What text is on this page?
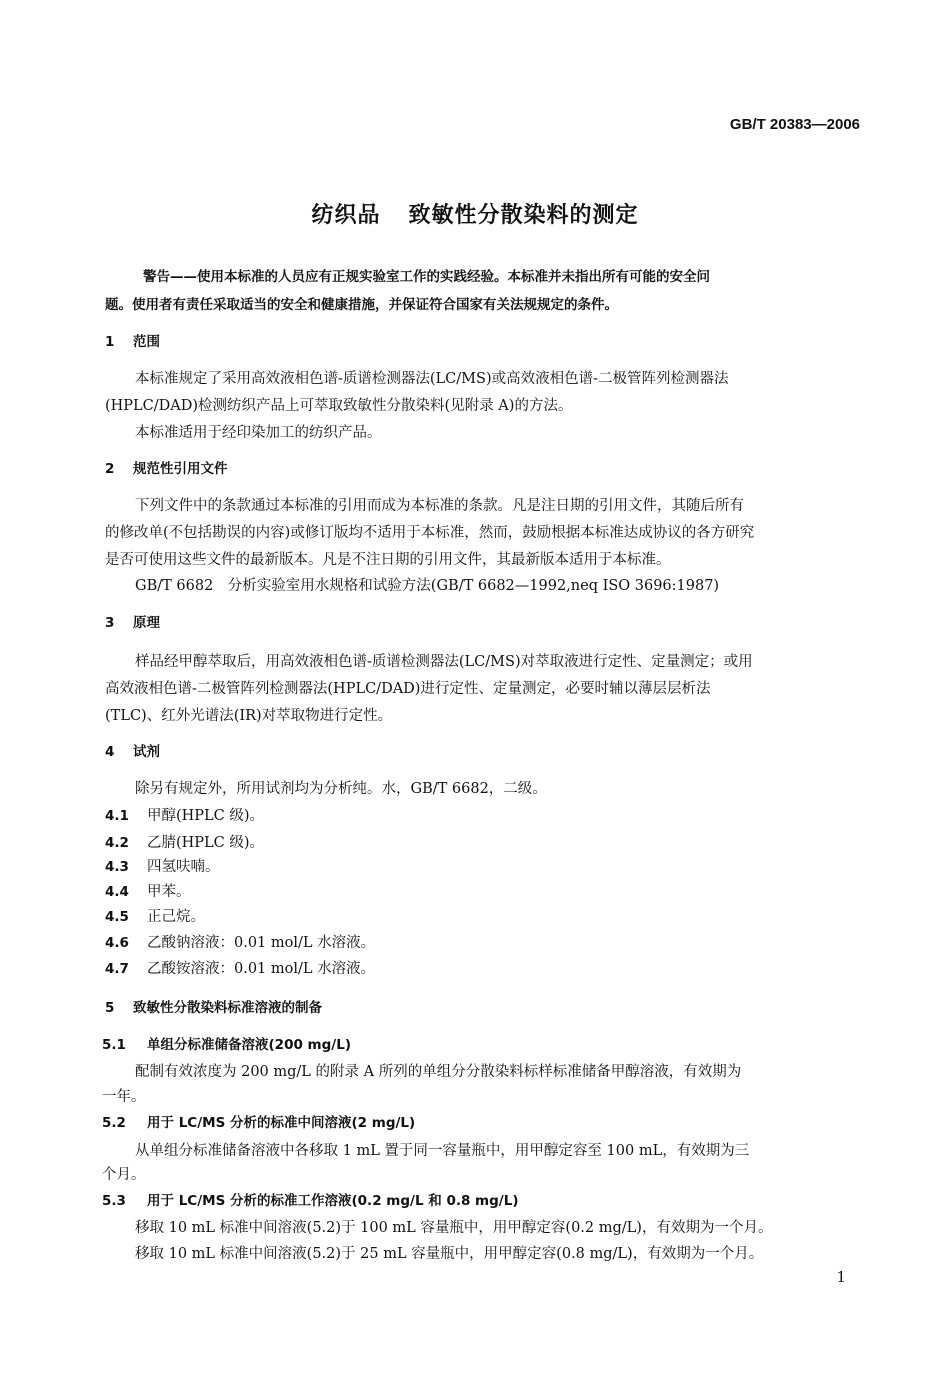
GB/T 20383—2006
纺织品 致敏性分散染料的测定
警告——使用本标准的人员应有正规实验室工作的实践经验。本标准并未指出所有可能的安全问
题。使用者有责任采取适当的安全和健康措施，并保证符合国家有关法规规定的条件。
1 范围
本标准规定了采用高效液相色谱-质谱检测器法(LC/MS)或高效液相色谱-二极管阵列检测器法
(HPLC/DAD)检测纺织产品上可萃取致敏性分散染料(见附录 A)的方法。
本标准适用于经印染加工的纺织产品。
2 规范性引用文件
下列文件中的条款通过本标准的引用而成为本标准的条款。凡是注日期的引用文件，其随后所有
的修改单(不包括勘误的内容)或修订版均不适用于本标准，然而，鼓励根据本标准达成协议的各方研究
是否可使用这些文件的最新版本。凡是不注日期的引用文件，其最新版本适用于本标准。
GB/T 6682　分析实验室用水规格和试验方法(GB/T 6682—1992,neq ISO 3696:1987)
3 原理
样品经甲醇萃取后，用高效液相色谱-质谱检测器法(LC/MS)对萃取液进行定性、定量测定；或用
高效液相色谱-二极管阵列检测器法(HPLC/DAD)进行定性、定量测定，必要时辅以薄层层析法
(TLC)、红外光谱法(IR)对萃取物进行定性。
4 试剂
除另有规定外，所用试剂均为分析纯。水，GB/T 6682，二级。
4.1 甲醇(HPLC 级)。
4.2 乙腈(HPLC 级)。
4.3 四氢呋喃。
4.4 甲苯。
4.5 正己烷。
4.6 乙酸钠溶液：0.01 mol/L 水溶液。
4.7 乙酸铵溶液：0.01 mol/L 水溶液。
5 致敏性分散染料标准溶液的制备
5.1 单组分标准储备溶液(200 mg/L)
配制有效浓度为 200 mg/L 的附录 A 所列的单组分分散染料标样标准储备甲醇溶液，有效期为
一年。
5.2 用于 LC/MS 分析的标准中间溶液(2 mg/L)
从单组分标准储备溶液中各移取 1 mL 置于同一容量瓶中，用甲醇定容至 100 mL，有效期为三
个月。
5.3 用于 LC/MS 分析的标准工作溶液(0.2 mg/L 和 0.8 mg/L)
移取 10 mL 标准中间溶液(5.2)于 100 mL 容量瓶中，用甲醇定容(0.2 mg/L)，有效期为一个月。
移取 10 mL 标准中间溶液(5.2)于 25 mL 容量瓶中，用甲醇定容(0.8 mg/L)，有效期为一个月。
1
